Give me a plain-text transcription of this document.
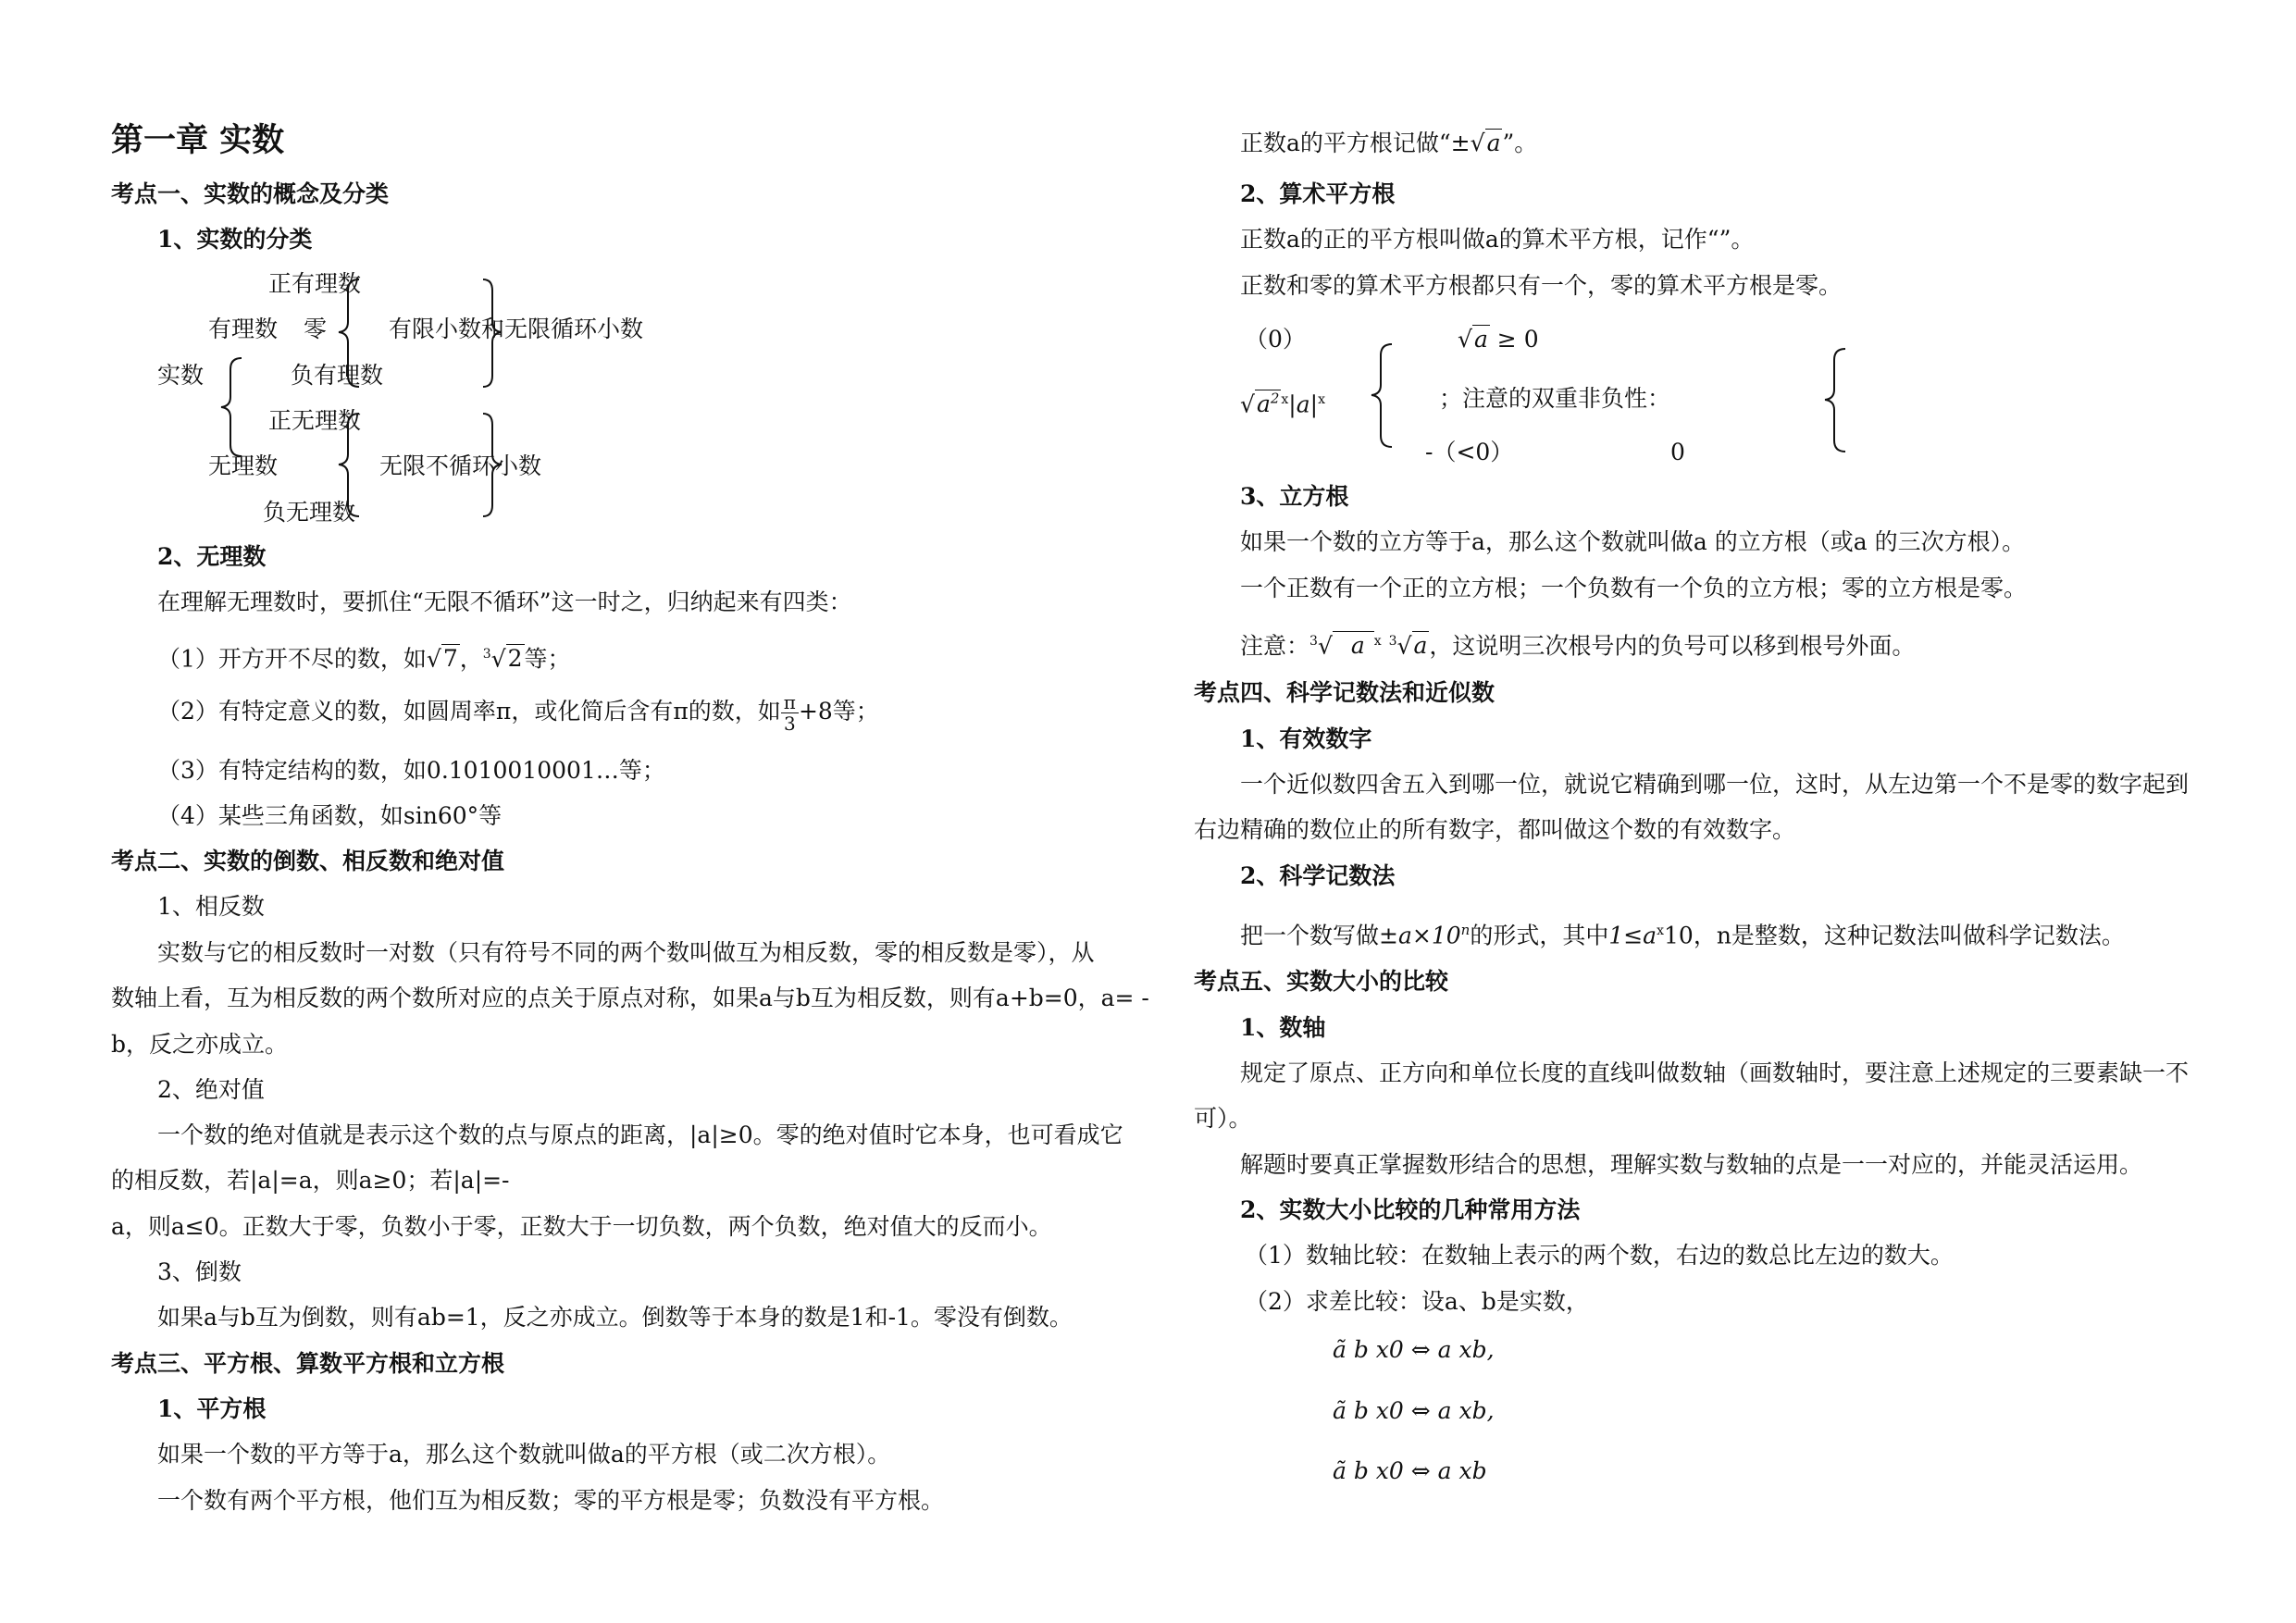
第一章 实数
考点一、实数的概念及分类
1、实数的分类
正有理数
有理数 零	有限小数和无限循环小数
实数	负有理数
正无理数
无理数	无限不循环小数
负无理数
2、无理数
在理解无理数时，要抓住“无限不循环”这一时之，归纳起来有四类：
（1）开方开不尽的数，如√7，$^3$√2等；
（2）有特定意义的数，如圆周率π，或化简后含有π的数，如 $\frac{\pi}{3} +8$等；
（3）有特定结构的数，如0.1010010001…等；
（4）某些三角函数，如sin60°等
考点二、实数的倒数、相反数和绝对值
1、相反数
实数与它的相反数时一对数（只有符号不同的两个数叫做互为相反数，零的相反数是零），从
数轴上看，互为相反数的两个数所对应的点关于原点对称，如果a与b互为相反数，则有a+b=0，a= -
b，反之亦成立。
2、绝对值
一个数的绝对值就是表示这个数的点与原点的距离，|a|≥0。零的绝对值时它本身，也可看成它
的相反数，若|a|=a，则a≥0；若|a|=-
a，则a≤0。正数大于零，负数小于零，正数大于一切负数，两个负数，绝对值大的反而小。
3、倒数
如果a与b互为倒数，则有ab=1，反之亦成立。倒数等于本身的数是1和-1。零没有倒数。
考点三、平方根、算数平方根和立方根
1、平方根
如果一个数的平方等于a，那么这个数就叫做a的平方根（或二次方根）。
一个数有两个平方根，他们互为相反数；零的平方根是零；负数没有平方根。
正数a的平方根记做“±√a”。
2、算术平方根
正数a的正的平方根叫做a的算术平方根，记作“”。
正数和零的算术平方根都只有一个，零的算术平方根是零。
（0）	√a ≥ 0
$√a^2$ $^ⅹ|a|^ⅹ$	；注意的双重非负性：
-（<0）	0
3、立方根
如果一个数的立方等于a，那么这个数就叫做a 的立方根（或a 的三次方根）。
一个正数有一个正的立方根；一个负数有一个负的立方根；零的立方根是零。
注意：$^3$√ a $^ⅹ$ $^3$√a，这说明三次根号内的负号可以移到根号外面。
考点四、科学记数法和近似数
1、有效数字
一个近似数四舍五入到哪一位，就说它精确到哪一位，这时，从左边第一个不是零的数字起到
右边精确的数位止的所有数字，都叫做这个数的有效数字。
2、科学记数法
把一个数写做$\pm a\times 10^n$的形式，其中$1\le a^ⅹ10$，n是整数，这种记数法叫做科学记数法。
考点五、实数大小的比较
1、数轴
规定了原点、正方向和单位长度的直线叫做数轴（画数轴时，要注意上述规定的三要素缺一不
可）。
解题时要真正掌握数形结合的思想，理解实数与数轴的点是一一对应的，并能灵活运用。
2、实数大小比较的几种常用方法
（1）数轴比较：在数轴上表示的两个数，右边的数总比左边的数大。
（2）求差比较：设a、b是实数，
ã b ⅹ0 ⇔ a ⅹb,
ã b ⅹ0 ⇔ a ⅹb,
ã b ⅹ0 ⇔ a ⅹb
